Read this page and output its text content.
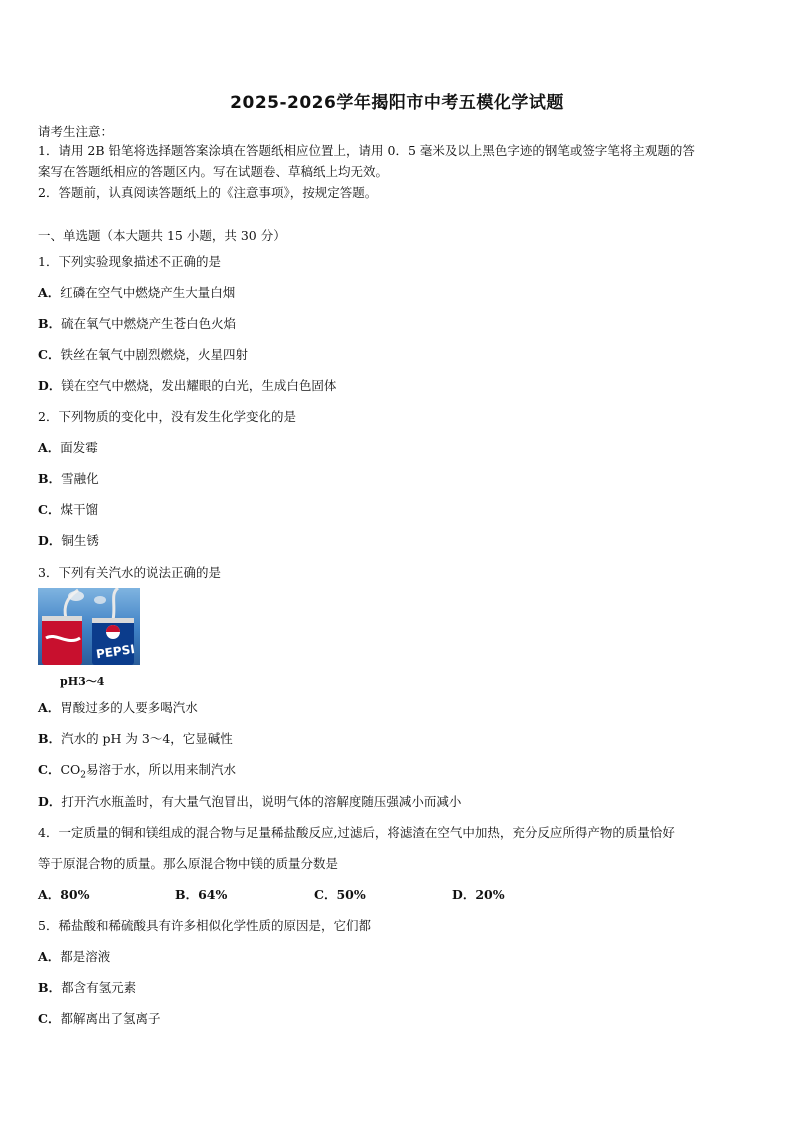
2025-2026学年揭阳市中考五模化学试题
请考生注意：
1．请用 2B 铅笔将选择题答案涂填在答题纸相应位置上，请用 0．5 毫米及以上黑色字迹的钢笔或签字笔将主观题的答
案写在答题纸相应的答题区内。写在试题卷、草稿纸上均无效。
2．答题前，认真阅读答题纸上的《注意事项》，按规定答题。
一、单选题（本大题共 15 小题，共 30 分）
1．下列实验现象描述不正确的是
A．红磷在空气中燃烧产生大量白烟
B．硫在氧气中燃烧产生苍白色火焰
C．铁丝在氧气中剧烈燃烧，火星四射
D．镁在空气中燃烧，发出耀眼的白光，生成白色固体
2．下列物质的变化中，没有发生化学变化的是
A．面发霉
B．雪融化
C．煤干馏
D．铜生锈
3．下列有关汽水的说法正确的是
PEPSI
pH3～4
A．胃酸过多的人要多喝汽水
B．汽水的 pH 为 3～4，它显碱性
C．$CO_2$易溶于水，所以用来制汽水
D．打开汽水瓶盖时，有大量气泡冒出，说明气体的溶解度随压强减小而减小
4．一定质量的铜和镁组成的混合物与足量稀盐酸反应,过滤后，将滤渣在空气中加热，充分反应所得产物的质量恰好
等于原混合物的质量。那么原混合物中镁的质量分数是
A．80%	B．64%	C．50%	D．20%
5．稀盐酸和稀硫酸具有许多相似化学性质的原因是，它们都
A．都是溶液
B．都含有氢元素
C．都解离出了氢离子
